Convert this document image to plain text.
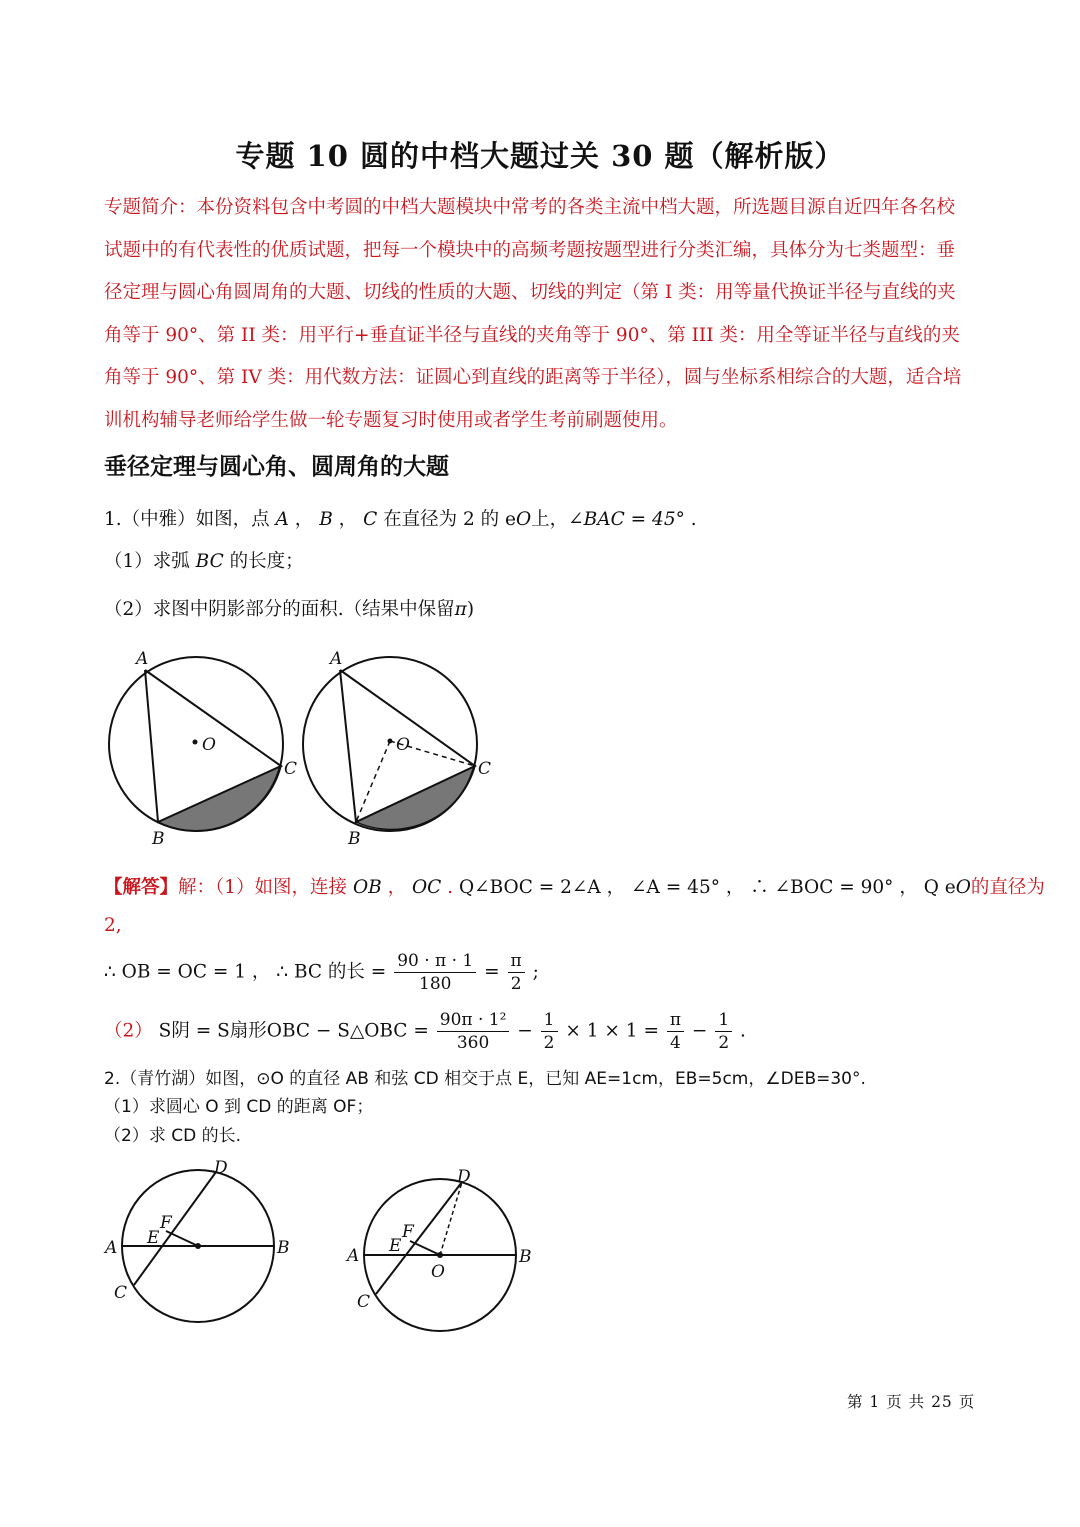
专题 10 圆的中档大题过关 30 题（解析版）
专题简介：本份资料包含中考圆的中档大题模块中常考的各类主流中档大题，所选题目源自近四年各名校
试题中的有代表性的优质试题，把每一个模块中的高频考题按题型进行分类汇编，具体分为七类题型：垂
径定理与圆心角圆周角的大题、切线的性质的大题、切线的判定（第 I 类：用等量代换证半径与直线的夹
角等于 90°、第 II 类：用平行+垂直证半径与直线的夹角等于 90°、第 III 类：用全等证半径与直线的夹
角等于 90°、第 IV 类：用代数方法：证圆心到直线的距离等于半径），圆与坐标系相综合的大题，适合培
训机构辅导老师给学生做一轮专题复习时使用或者学生考前刷题使用。
垂径定理与圆心角、圆周角的大题
1.（中雅）如图，点 A ， B ， C 在直径为 2 的 eO上，∠BAC = 45° .
（1）求弧 BC 的长度；
（2）求图中阴影部分的面积.（结果中保留π)
A
B
C
O
A
B
C
O
【解答】解：（1）如图，连接 OB ， OC . Q∠BOC = 2∠A ， ∠A = 45° ， ∴ ∠BOC = 90° ， Q eO的直径为
2,
∴ OB = OC = 1 ， ∴ BC 的长 = $\frac{90 \cdot \pi \cdot 1}{180} = \frac{\pi}{2}$ ;
（2） S阴 = S扇形OBC − S△OBC = $\frac{\text{90π · 1²}}{360} - \frac{1}{2} \times 1 \times 1 = \frac{\pi}{4} - \frac{1}{2}$ .
2.（青竹湖）如图，⊙O 的直径 AB 和弦 CD 相交于点 E，已知 AE=1cm，EB=5cm，∠DEB=30°.
（1）求圆心 O 到 CD 的距离 OF；
（2）求 CD 的长.
A	B
C
D
E
F
A	B
C
D
E
F
O
第 1 页 共 25 页
